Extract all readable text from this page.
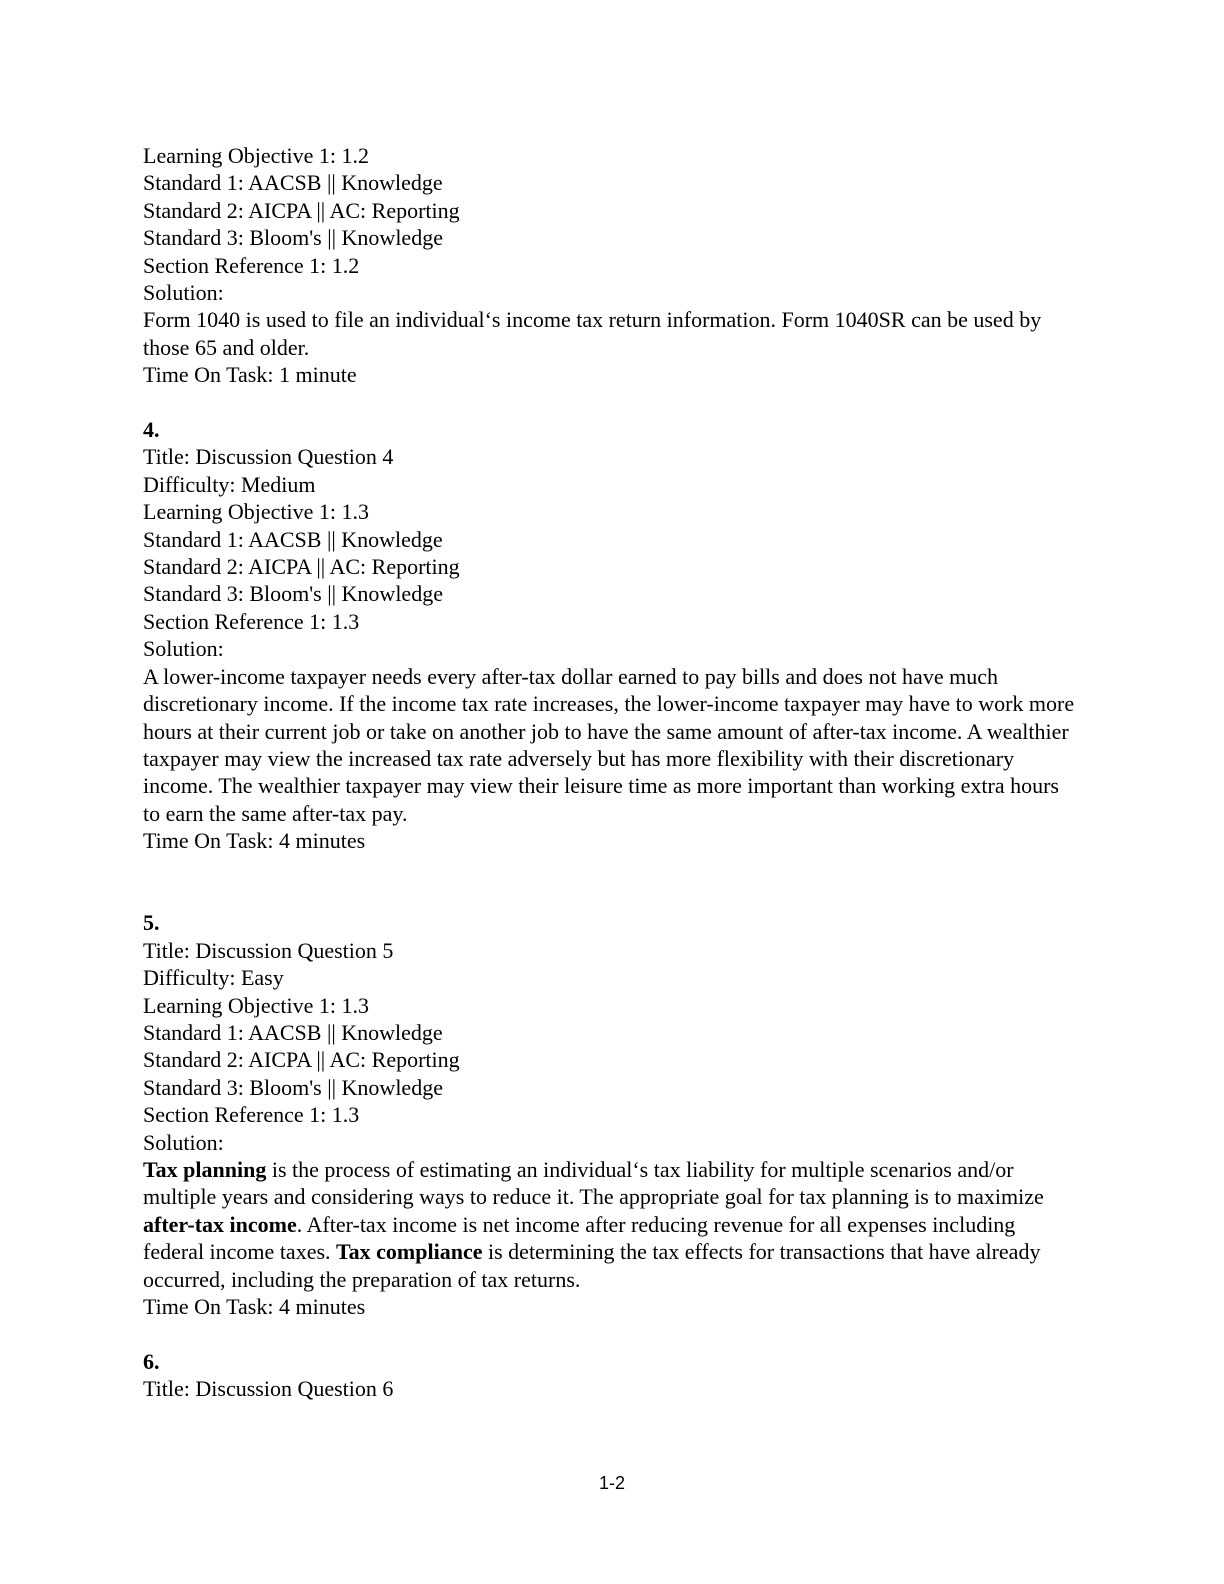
Learning Objective 1: 1.2
Standard 1: AACSB || Knowledge
Standard 2: AICPA || AC: Reporting
Standard 3: Bloom's || Knowledge
Section Reference 1: 1.2
Solution:
Form 1040 is used to file an individual‘s income tax return information. Form 1040SR can be used by those 65 and older.
Time On Task: 1 minute
4.
Title: Discussion Question 4
Difficulty: Medium
Learning Objective 1: 1.3
Standard 1: AACSB || Knowledge
Standard 2: AICPA || AC: Reporting
Standard 3: Bloom's || Knowledge
Section Reference 1: 1.3
Solution:
A lower-income taxpayer needs every after-tax dollar earned to pay bills and does not have much discretionary income. If the income tax rate increases, the lower-income taxpayer may have to work more hours at their current job or take on another job to have the same amount of after-tax income. A wealthier taxpayer may view the increased tax rate adversely but has more flexibility with their discretionary income. The wealthier taxpayer may view their leisure time as more important than working extra hours to earn the same after-tax pay.
Time On Task: 4 minutes
5.
Title: Discussion Question 5
Difficulty: Easy
Learning Objective 1: 1.3
Standard 1: AACSB || Knowledge
Standard 2: AICPA || AC: Reporting
Standard 3: Bloom's || Knowledge
Section Reference 1: 1.3
Solution:
Tax planning is the process of estimating an individual‘s tax liability for multiple scenarios and/or multiple years and considering ways to reduce it. The appropriate goal for tax planning is to maximize after-tax income. After-tax income is net income after reducing revenue for all expenses including federal income taxes. Tax compliance is determining the tax effects for transactions that have already occurred, including the preparation of tax returns.
Time On Task: 4 minutes
6.
Title: Discussion Question 6
1-2
